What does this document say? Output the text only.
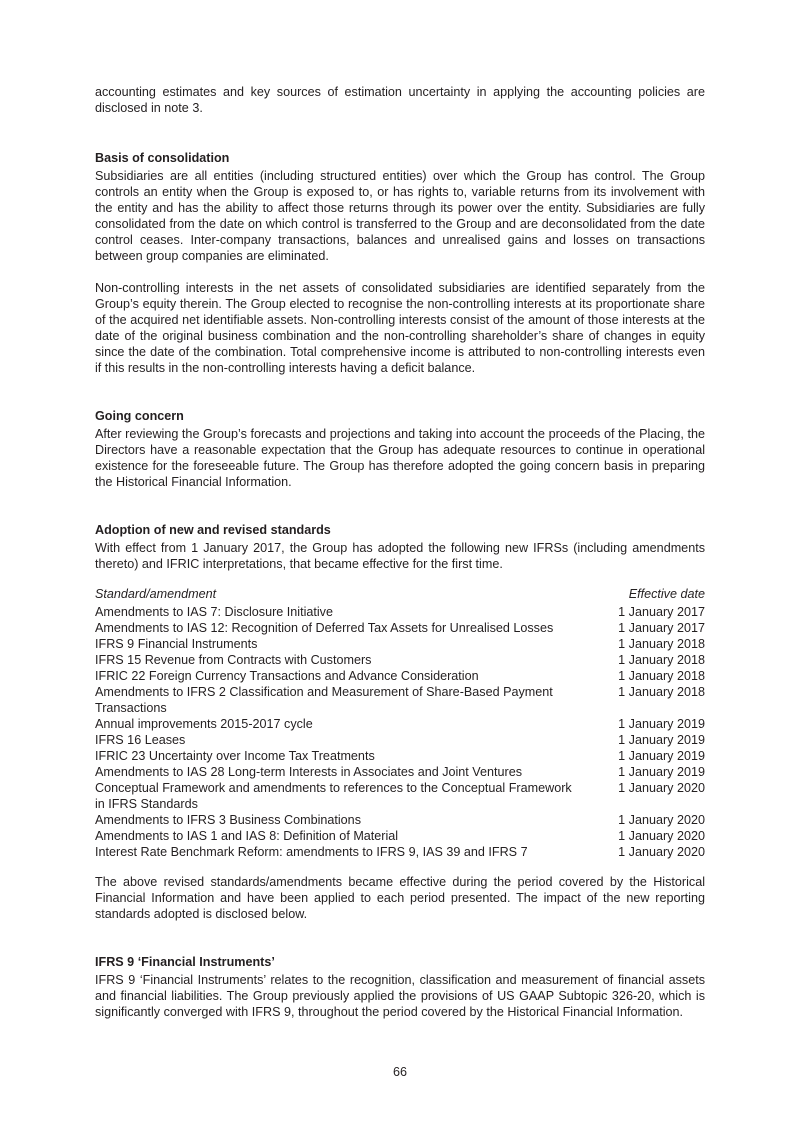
accounting estimates and key sources of estimation uncertainty in applying the accounting policies are disclosed in note 3.

Basis of consolidation

Subsidiaries are all entities (including structured entities) over which the Group has control. The Group controls an entity when the Group is exposed to, or has rights to, variable returns from its involvement with the entity and has the ability to affect those returns through its power over the entity. Subsidiaries are fully consolidated from the date on which control is transferred to the Group and are deconsolidated from the date control ceases. Inter-company transactions, balances and unrealised gains and losses on transactions between group companies are eliminated.

Non-controlling interests in the net assets of consolidated subsidiaries are identified separately from the Group’s equity therein. The Group elected to recognise the non-controlling interests at its proportionate share of the acquired net identifiable assets. Non-controlling interests consist of the amount of those interests at the date of the original business combination and the non-controlling shareholder’s share of changes in equity since the date of the combination. Total comprehensive income is attributed to non-controlling interests even if this results in the non-controlling interests having a deficit balance.

Going concern

After reviewing the Group’s forecasts and projections and taking into account the proceeds of the Placing, the Directors have a reasonable expectation that the Group has adequate resources to continue in operational existence for the foreseeable future. The Group has therefore adopted the going concern basis in preparing the Historical Financial Information.

Adoption of new and revised standards

With effect from 1 January 2017, the Group has adopted the following new IFRSs (including amendments thereto) and IFRIC interpretations, that became effective for the first time.

Standard/amendment	Effective date
Amendments to IAS 7: Disclosure Initiative	1 January 2017
Amendments to IAS 12: Recognition of Deferred Tax Assets for Unrealised Losses	1 January 2017
IFRS 9 Financial Instruments	1 January 2018
IFRS 15 Revenue from Contracts with Customers	1 January 2018
IFRIC 22 Foreign Currency Transactions and Advance Consideration	1 January 2018
Amendments to IFRS 2 Classification and Measurement of Share-Based Payment Transactions	1 January 2018
Annual improvements 2015-2017 cycle	1 January 2019
IFRS 16 Leases	1 January 2019
IFRIC 23 Uncertainty over Income Tax Treatments	1 January 2019
Amendments to IAS 28 Long-term Interests in Associates and Joint Ventures	1 January 2019
Conceptual Framework and amendments to references to the Conceptual Framework in IFRS Standards	1 January 2020
Amendments to IFRS 3 Business Combinations	1 January 2020
Amendments to IAS 1 and IAS 8: Definition of Material	1 January 2020
Interest Rate Benchmark Reform: amendments to IFRS 9, IAS 39 and IFRS 7	1 January 2020

The above revised standards/amendments became effective during the period covered by the Historical Financial Information and have been applied to each period presented. The impact of the new reporting standards adopted is disclosed below.

IFRS 9 ‘Financial Instruments’

IFRS 9 ‘Financial Instruments’ relates to the recognition, classification and measurement of financial assets and financial liabilities. The Group previously applied the provisions of US GAAP Subtopic 326-20, which is significantly converged with IFRS 9, throughout the period covered by the Historical Financial Information.

66
